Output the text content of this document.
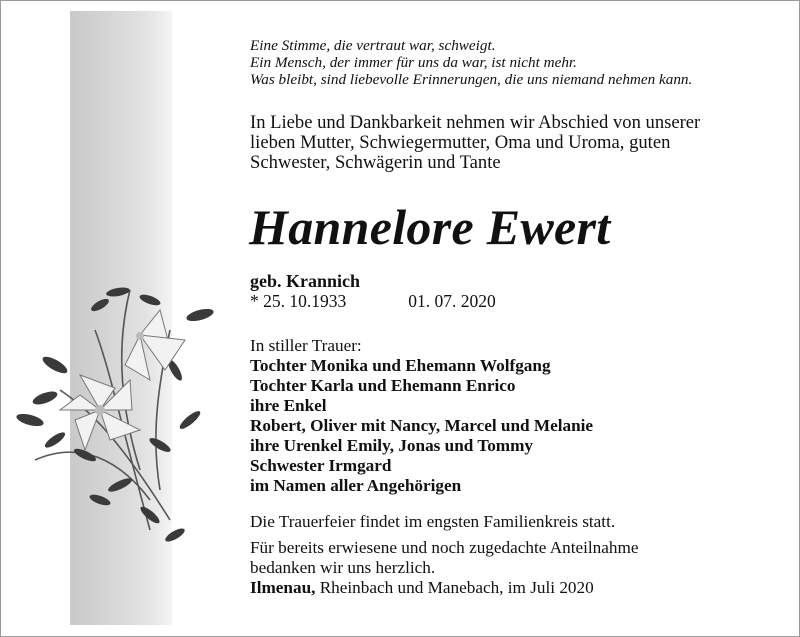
Eine Stimme, die vertraut war, schweigt.
Ein Mensch, der immer für uns da war, ist nicht mehr.
Was bleibt, sind liebevolle Erinnerungen, die uns niemand nehmen kann.
In Liebe und Dankbarkeit nehmen wir Abschied von unserer
lieben Mutter, Schwiegermutter, Oma und Uroma, guten
Schwester, Schwägerin und Tante
Hannelore Ewert
geb. Krannich
* 25. 10.1933	01. 07. 2020
In stiller Trauer:
Tochter Monika und Ehemann Wolfgang
Tochter Karla und Ehemann Enrico
ihre Enkel
Robert, Oliver mit Nancy, Marcel und Melanie
ihre Urenkel Emily, Jonas und Tommy
Schwester Irmgard
im Namen aller Angehörigen
Die Trauerfeier findet im engsten Familienkreis statt.
Für bereits erwiesene und noch zugedachte Anteilnahme
bedanken wir uns herzlich.
Ilmenau, Rheinbach und Manebach, im Juli 2020
